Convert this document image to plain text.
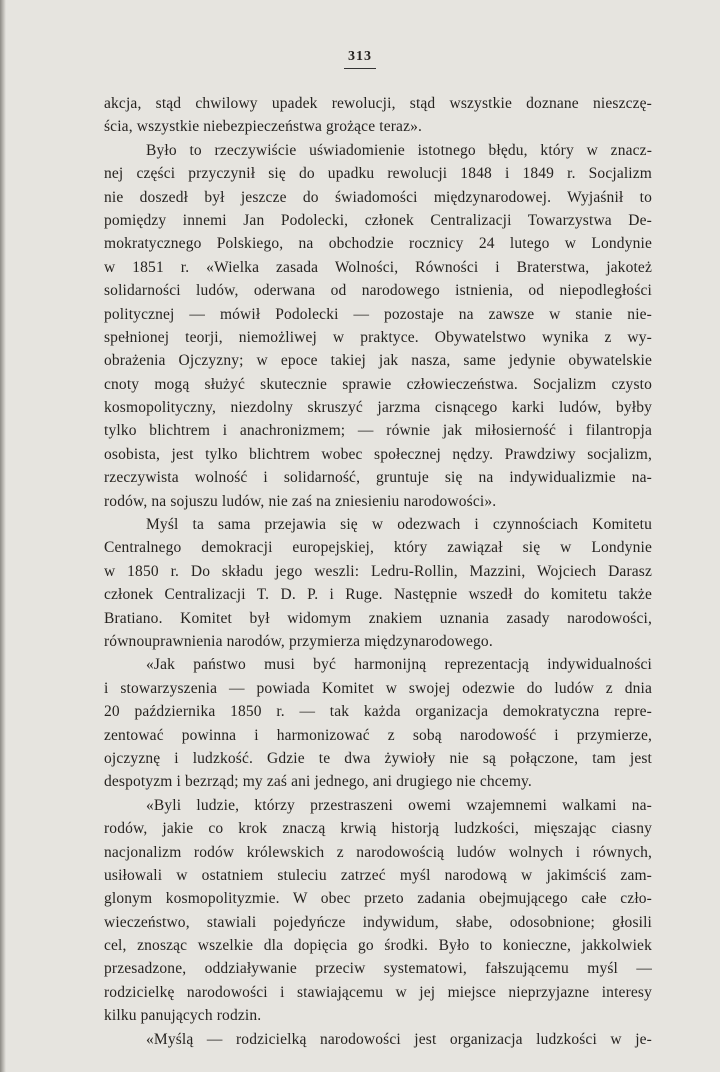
313
akcja, stąd chwilowy upadek rewolucji, stąd wszystkie doznane nieszczę-
ścia, wszystkie niebezpieczeństwa grożące teraz».
Było to rzeczywiście uświadomienie istotnego błędu, który w znacz-
nej części przyczynił się do upadku rewolucji 1848 i 1849 r. Socjalizm
nie doszedł był jeszcze do świadomości międzynarodowej. Wyjaśnił to
pomiędzy innemi Jan Podolecki, członek Centralizacji Towarzystwa De-
mokratycznego Polskiego, na obchodzie rocznicy 24 lutego w Londynie
w 1851 r. «Wielka zasada Wolności, Równości i Braterstwa, jakoteż
solidarności ludów, oderwana od narodowego istnienia, od niepodległości
politycznej — mówił Podolecki — pozostaje na zawsze w stanie nie-
spełnionej teorji, niemożliwej w praktyce. Obywatelstwo wynika z wy-
obrażenia Ojczyzny; w epoce takiej jak nasza, same jedynie obywatelskie
cnoty mogą służyć skutecznie sprawie człowieczeństwa. Socjalizm czysto
kosmopolityczny, niezdolny skruszyć jarzma cisnącego karki ludów, byłby
tylko blichtrem i anachronizmem; — równie jak miłosierność i filantropja
osobista, jest tylko blichtrem wobec społecznej nędzy. Prawdziwy socjalizm,
rzeczywista wolność i solidarność, gruntuje się na indywidualizmie na-
rodów, na sojuszu ludów, nie zaś na zniesieniu narodowości».
Myśl ta sama przejawia się w odezwach i czynnościach Komitetu
Centralnego demokracji europejskiej, który zawiązał się w Londynie
w 1850 r. Do składu jego weszli: Ledru-Rollin, Mazzini, Wojciech Darasz
członek Centralizacji T. D. P. i Ruge. Następnie wszedł do komitetu także
Bratiano. Komitet był widomym znakiem uznania zasady narodowości,
równouprawnienia narodów, przymierza międzynarodowego.
«Jak państwo musi być harmonijną reprezentacją indywidualności
i stowarzyszenia — powiada Komitet w swojej odezwie do ludów z dnia
20 października 1850 r. — tak każda organizacja demokratyczna repre-
zentować powinna i harmonizować z sobą narodowość i przymierze,
ojczyznę i ludzkość. Gdzie te dwa żywioły nie są połączone, tam jest
despotyzm i bezrząd; my zaś ani jednego, ani drugiego nie chcemy.
«Byli ludzie, którzy przestraszeni owemi wzajemnemi walkami na-
rodów, jakie co krok znaczą krwią historją ludzkości, mięszając ciasny
nacjonalizm rodów królewskich z narodowością ludów wolnych i równych,
usiłowali w ostatniem stuleciu zatrzeć myśl narodową w jakimściś zam-
glonym kosmopolityzmie. W obec przeto zadania obejmującego całe czło-
wieczeństwo, stawiali pojedyńcze indywidum, słabe, odosobnione; głosili
cel, znosząc wszelkie dla dopięcia go środki. Było to konieczne, jakkolwiek
przesadzone, oddziaływanie przeciw systematowi, fałszującemu myśl —
rodzicielkę narodowości i stawiającemu w jej miejsce nieprzyjazne interesy
kilku panujących rodzin.
«Myślą — rodzicielką narodowości jest organizacja ludzkości w je-
